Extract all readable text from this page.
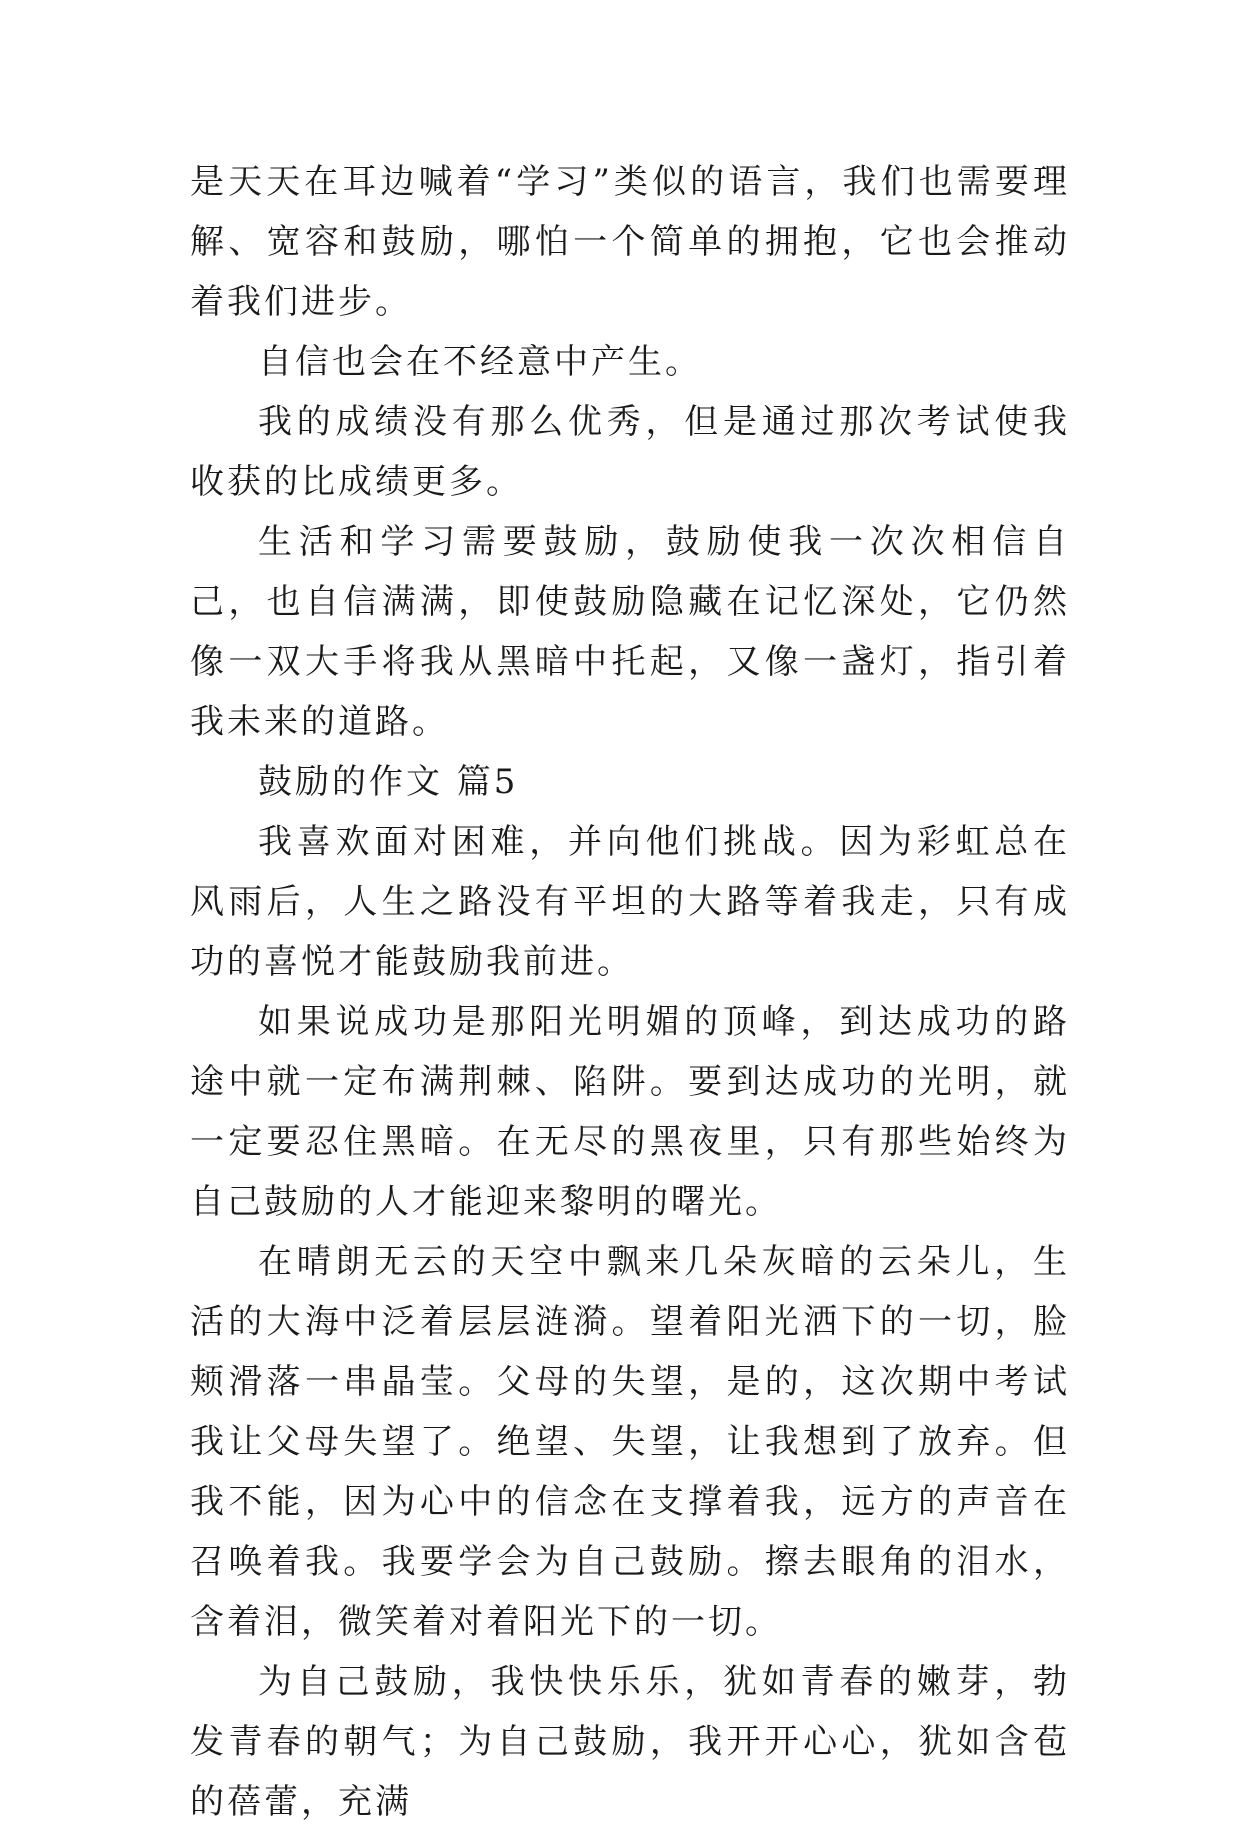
是天天在耳边喊着“学习”类似的语言，我们也需要理解、宽容和鼓励，哪怕一个简单的拥抱，它也会推动着我们进步。

自信也会在不经意中产生。

我的成绩没有那么优秀，但是通过那次考试使我收获的比成绩更多。

生活和学习需要鼓励，鼓励使我一次次相信自己，也自信满满，即使鼓励隐藏在记忆深处，它仍然像一双大手将我从黑暗中托起，又像一盏灯，指引着我未来的道路。

鼓励的作文 篇5

我喜欢面对困难，并向他们挑战。因为彩虹总在风雨后，人生之路没有平坦的大路等着我走，只有成功的喜悦才能鼓励我前进。

如果说成功是那阳光明媚的顶峰，到达成功的路途中就一定布满荆棘、陷阱。要到达成功的光明，就一定要忍住黑暗。在无尽的黑夜里，只有那些始终为自己鼓励的人才能迎来黎明的曙光。

在晴朗无云的天空中飘来几朵灰暗的云朵儿，生活的大海中泛着层层涟漪。望着阳光洒下的一切，脸颊滑落一串晶莹。父母的失望，是的，这次期中考试我让父母失望了。绝望、失望，让我想到了放弃。但我不能，因为心中的信念在支撑着我，远方的声音在召唤着我。我要学会为自己鼓励。擦去眼角的泪水，含着泪，微笑着对着阳光下的一切。

为自己鼓励，我快快乐乐，犹如青春的嫩芽，勃发青春的朝气；为自己鼓励，我开开心心，犹如含苞的蓓蕾，充满
